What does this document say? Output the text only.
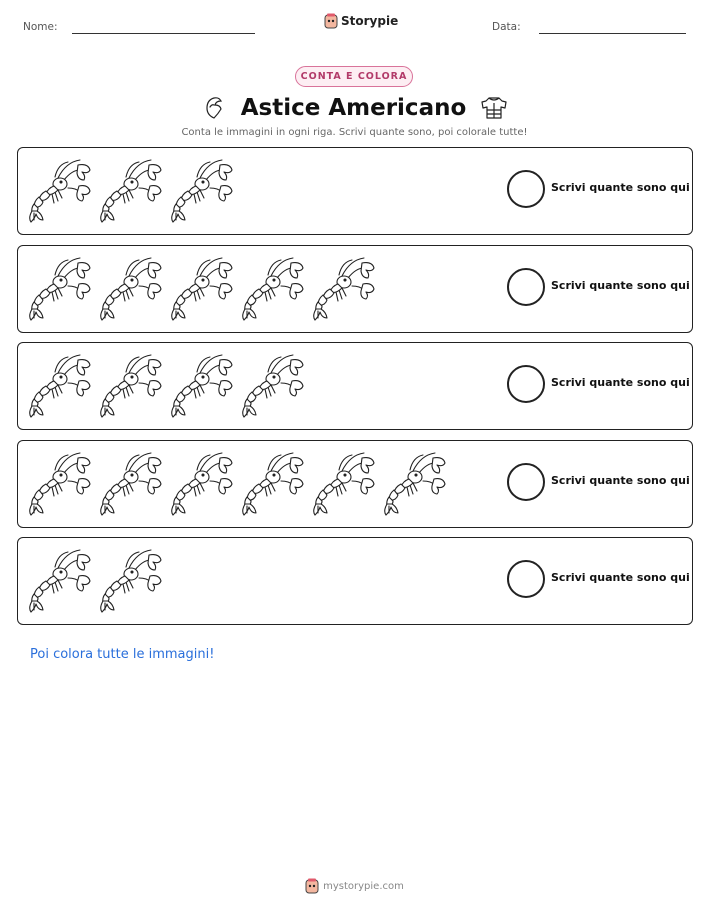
Nome:	Storypie	Data:
CONTA E COLORA
Astice Americano
Conta le immagini in ogni riga. Scrivi quante sono, poi colorale tutte!
Scrivi quante sono qui
Scrivi quante sono qui
Scrivi quante sono qui
Scrivi quante sono qui
Scrivi quante sono qui
Poi colora tutte le immagini!
mystorypie.com
